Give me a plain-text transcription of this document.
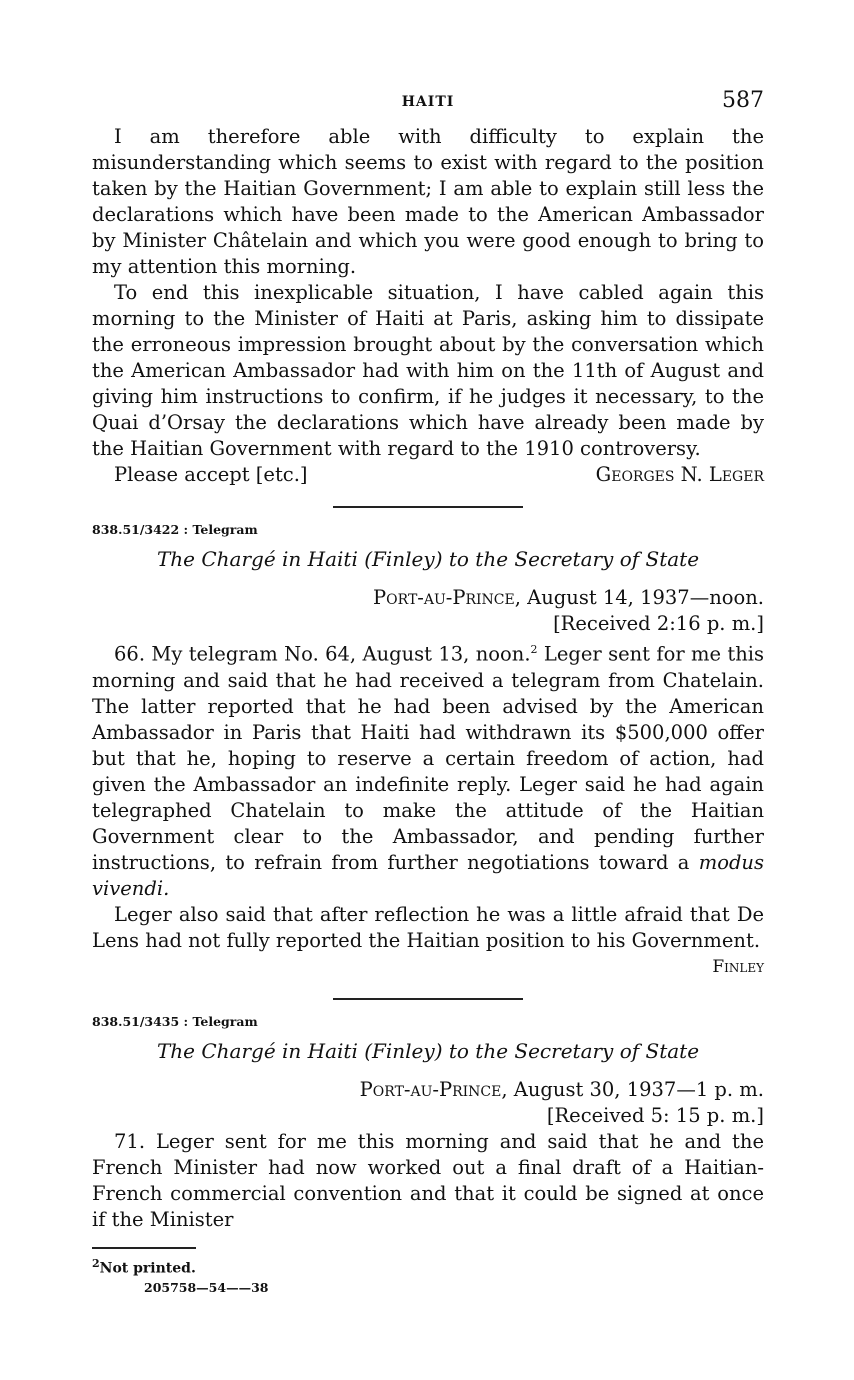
HAITI	587

I am therefore able with difficulty to explain the misunderstanding which seems to exist with regard to the position taken by the Haitian Government; I am able to explain still less the declarations which have been made to the American Ambassador by Minister Châtelain and which you were good enough to bring to my attention this morning.

To end this inexplicable situation, I have cabled again this morning to the Minister of Haiti at Paris, asking him to dissipate the erroneous impression brought about by the conversation which the American Ambassador had with him on the 11th of August and giving him instructions to confirm, if he judges it necessary, to the Quai d’Orsay the declarations which have already been made by the Haitian Government with regard to the 1910 controversy.

Please accept [etc.]	Georges N. Leger
838.51/3422 : Telegram
The Chargé in Haiti (Finley) to the Secretary of State
Port-au-Prince, August 14, 1937—noon.
[Received 2:16 p. m.]

66. My telegram No. 64, August 13, noon.$^2$ Leger sent for me this morning and said that he had received a telegram from Chatelain. The latter reported that he had been advised by the American Ambassador in Paris that Haiti had withdrawn its $500,000 offer but that he, hoping to reserve a certain freedom of action, had given the Ambassador an indefinite reply. Leger said he had again telegraphed Chatelain to make the attitude of the Haitian Government clear to the Ambassador, and pending further instructions, to refrain from further negotiations toward a modus vivendi.

Leger also said that after reflection he was a little afraid that De Lens had not fully reported the Haitian position to his Government.

Finley
838.51/3435 : Telegram
The Chargé in Haiti (Finley) to the Secretary of State
Port-au-Prince, August 30, 1937—1 p. m.
[Received 5: 15 p. m.]

71. Leger sent for me this morning and said that he and the French Minister had now worked out a final draft of a Haitian-French commercial convention and that it could be signed at once if the Minister

$^2$Not printed.
205758—54——38
